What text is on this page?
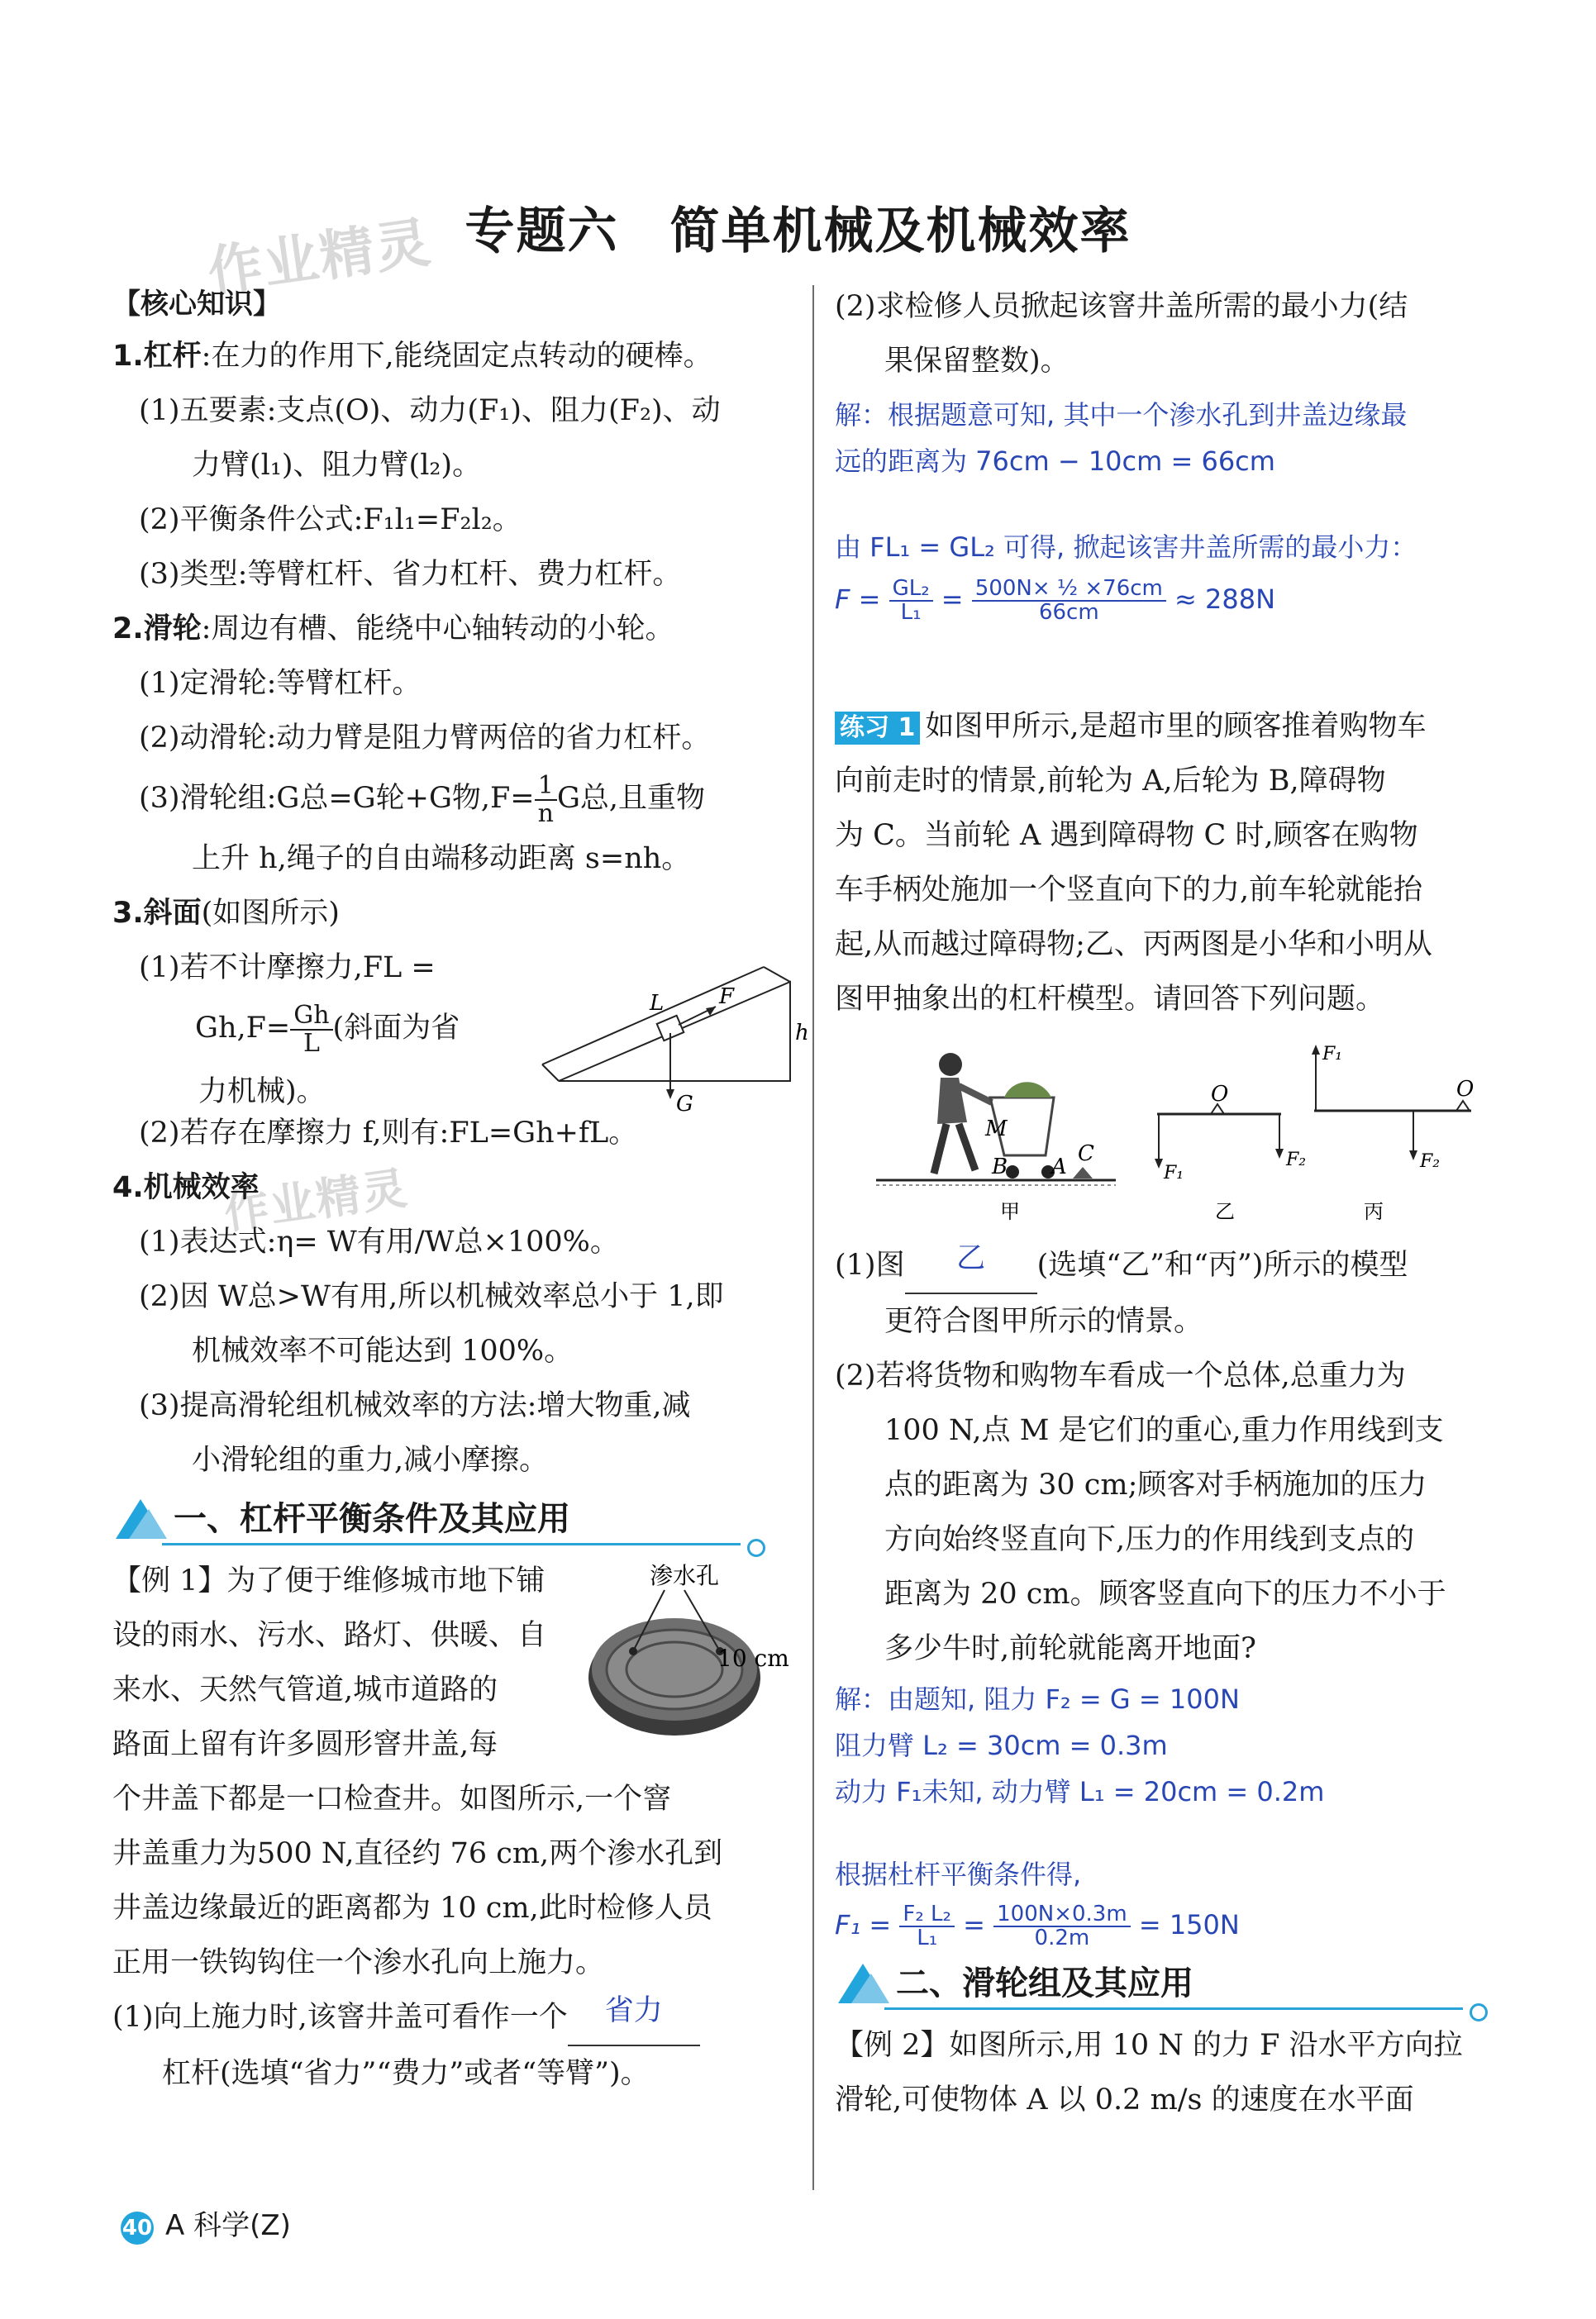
专题六　简单机械及机械效率
作业精灵
作业精灵
【核心知识】
1.杠杆:在力的作用下,能绕固定点转动的硬棒。
(1)五要素:支点(O)、动力(F₁)、阻力(F₂)、动
力臂(l₁)、阻力臂(l₂)。
(2)平衡条件公式:F₁l₁=F₂l₂。
(3)类型:等臂杠杆、省力杠杆、费力杠杆。
2.滑轮:周边有槽、能绕中心轴转动的小轮。
(1)定滑轮:等臂杠杆。
(2)动滑轮:动力臂是阻力臂两倍的省力杠杆。
(3)滑轮组:G总=G轮+G物$,F= \frac{1}{n}$ G总,且重物
上升 h,绳子的自由端移动距离 s=nh。
3.斜面(如图所示)
(1)若不计摩擦力,FL =
$Gh,F= \frac{Gh}{L}$ (斜面为省
力机械)。
L	F
h
G
(2)若存在摩擦力 f,则有:FL=Gh+fL。
4.机械效率
(1)表达式:η= W有用/W总×100%。
(2)因 W总>W有用,所以机械效率总小于 1,即
机械效率不可能达到 100%。
(3)提高滑轮组机械效率的方法:增大物重,减
小滑轮组的重力,减小摩擦。
一、杠杆平衡条件及其应用
【例 1】为了便于维修城市地下铺
设的雨水、污水、路灯、供暖、自
来水、天然气管道,城市道路的
路面上留有许多圆形窨井盖,每
渗水孔
10 cm
个井盖下都是一口检查井。如图所示,一个窨
井盖重力为500 N,直径约 76 cm,两个渗水孔到
井盖边缘最近的距离都为 10 cm,此时检修人员
正用一铁钩钩住一个渗水孔向上施力。
(1)向上施力时,该窨井盖可看作一个 省力
杠杆(选填“省力”“费力”或者“等臂”)。
(2)求检修人员掀起该窨井盖所需的最小力(结
果保留整数)。
解：根据题意可知, 其中一个渗水孔到井盖边缘最
远的距离为 76cm − 10cm = 66cm
由 FL₁ = GL₂ 可得, 掀起该害井盖所需的最小力：
$F = \frac{\text{GL₂}}{\text{L₁}} = \frac{\text{500N× ½ ×76cm}}{66cm} \approx 288N$
练习 1 如图甲所示,是超市里的顾客推着购物车
向前走时的情景,前轮为 A,后轮为 B,障碍物
为 C。当前轮 A 遇到障碍物 C 时,顾客在购物
车手柄处施加一个竖直向下的力,前车轮就能抬
起,从而越过障碍物;乙、丙两图是小华和小明从
图甲抽象出的杠杆模型。请回答下列问题。
M
B A
C
甲
O
F₁
F₂
乙
O
F₁
F₂
丙
(1)图 乙 (选填“乙”和“丙”)所示的模型
更符合图甲所示的情景。
(2)若将货物和购物车看成一个总体,总重力为
100 N,点 M 是它们的重心,重力作用线到支
点的距离为 30 cm;顾客对手柄施加的压力
方向始终竖直向下,压力的作用线到支点的
距离为 20 cm。顾客竖直向下的压力不小于
多少牛时,前轮就能离开地面?
解：由题知, 阻力 F₂ = G = 100N
阻力臂 L₂ = 30cm = 0.3m
动力 F₁未知, 动力臂 L₁ = 20cm = 0.2m
根据杜杆平衡条件得,
$F_1 = \frac{\text{F₂ L₂}}{\text{L₁}} = \frac{100N\times 0.3m}{0.2m} = 150N$
二、滑轮组及其应用
【例 2】如图所示,用 10 N 的力 F 沿水平方向拉
滑轮,可使物体 A 以 0.2 m/s 的速度在水平面
40 A 科学(Z)
